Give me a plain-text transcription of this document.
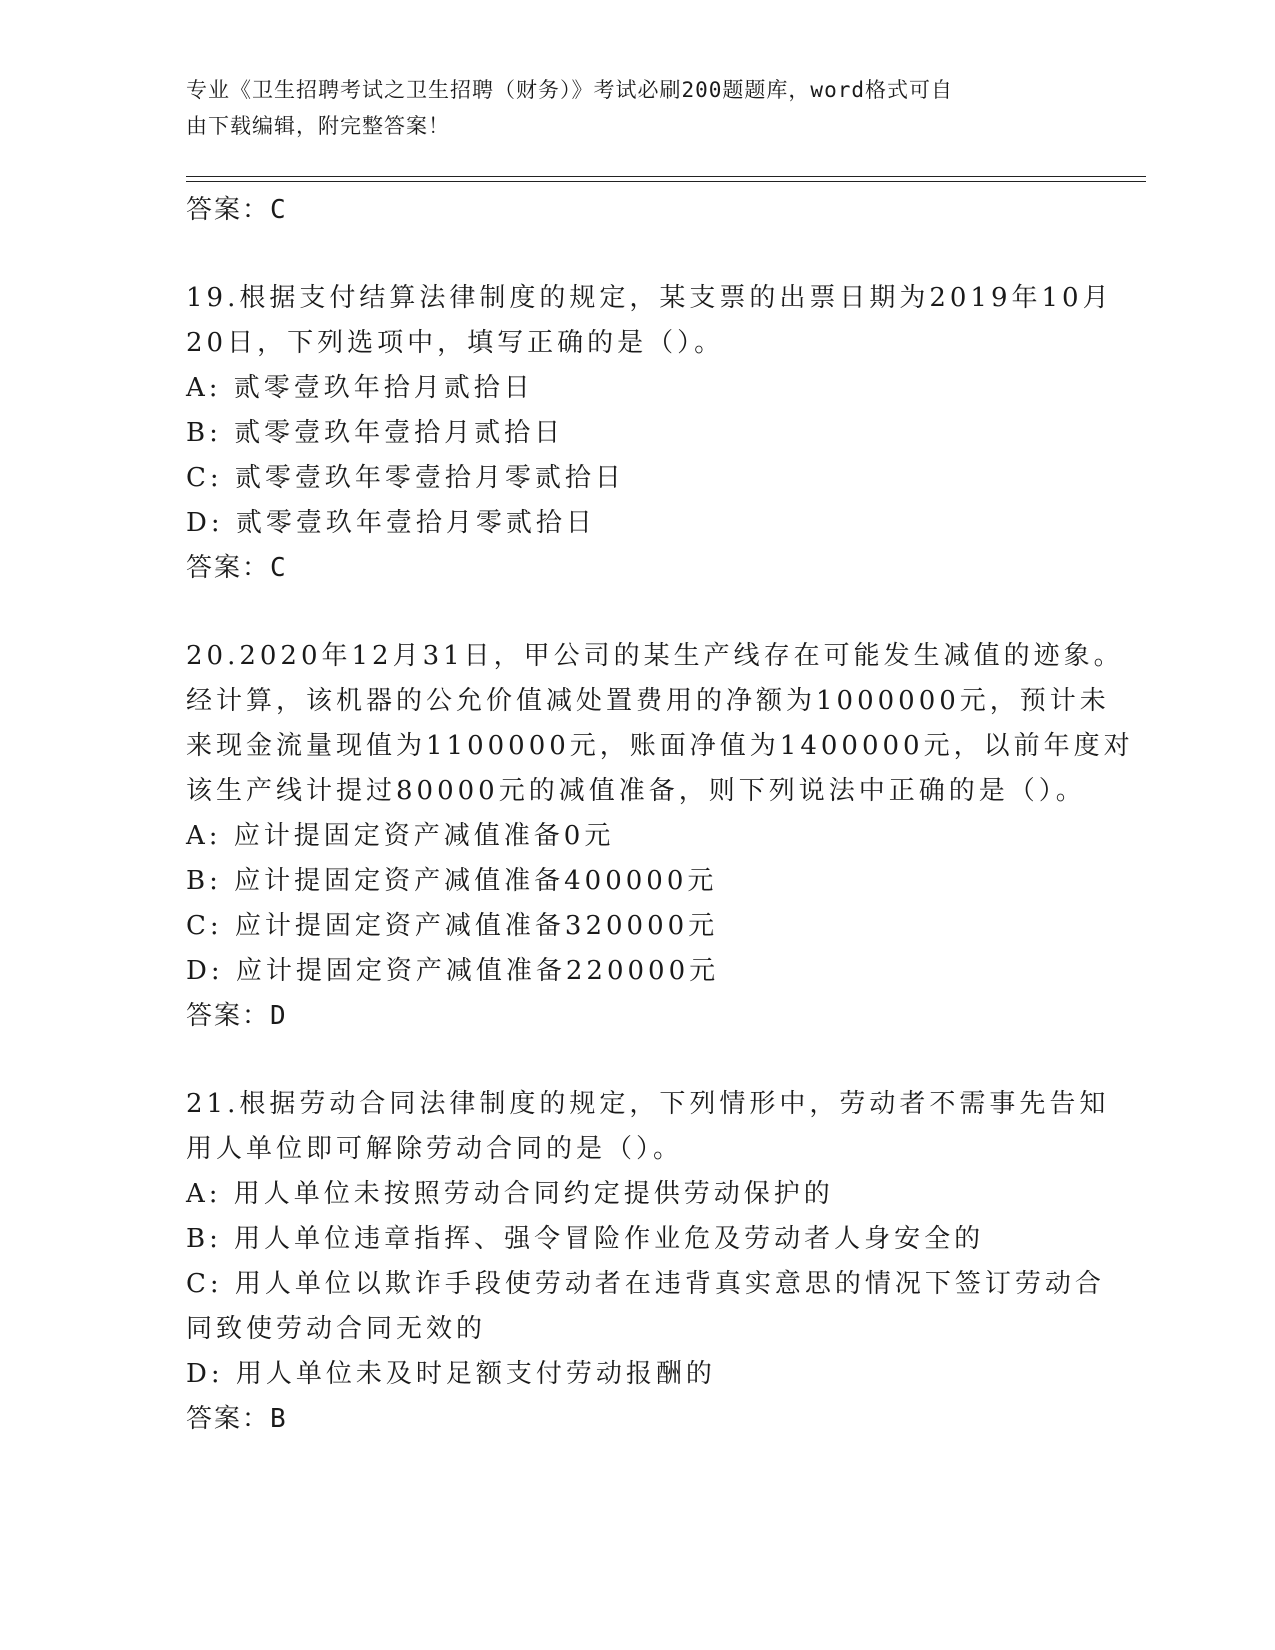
专业《卫生招聘考试之卫生招聘（财务）》考试必刷200题题库，word格式可自
由下载编辑，附完整答案！
答案：C
19.根据支付结算法律制度的规定，某支票的出票日期为2019年10月
20日，下列选项中，填写正确的是（）。
A: 贰零壹玖年拾月贰拾日
B: 贰零壹玖年壹拾月贰拾日
C: 贰零壹玖年零壹拾月零贰拾日
D: 贰零壹玖年壹拾月零贰拾日
答案：C
20.2020年12月31日，甲公司的某生产线存在可能发生减值的迹象。
经计算，该机器的公允价值减处置费用的净额为1000000元，预计未
来现金流量现值为1100000元，账面净值为1400000元，以前年度对
该生产线计提过80000元的减值准备，则下列说法中正确的是（）。
A: 应计提固定资产减值准备0元
B: 应计提固定资产减值准备400000元
C: 应计提固定资产减值准备320000元
D: 应计提固定资产减值准备220000元
答案：D
21.根据劳动合同法律制度的规定，下列情形中，劳动者不需事先告知
用人单位即可解除劳动合同的是（）。
A: 用人单位未按照劳动合同约定提供劳动保护的
B: 用人单位违章指挥、强令冒险作业危及劳动者人身安全的
C: 用人单位以欺诈手段使劳动者在违背真实意思的情况下签订劳动合
同致使劳动合同无效的
D: 用人单位未及时足额支付劳动报酬的
答案：B
